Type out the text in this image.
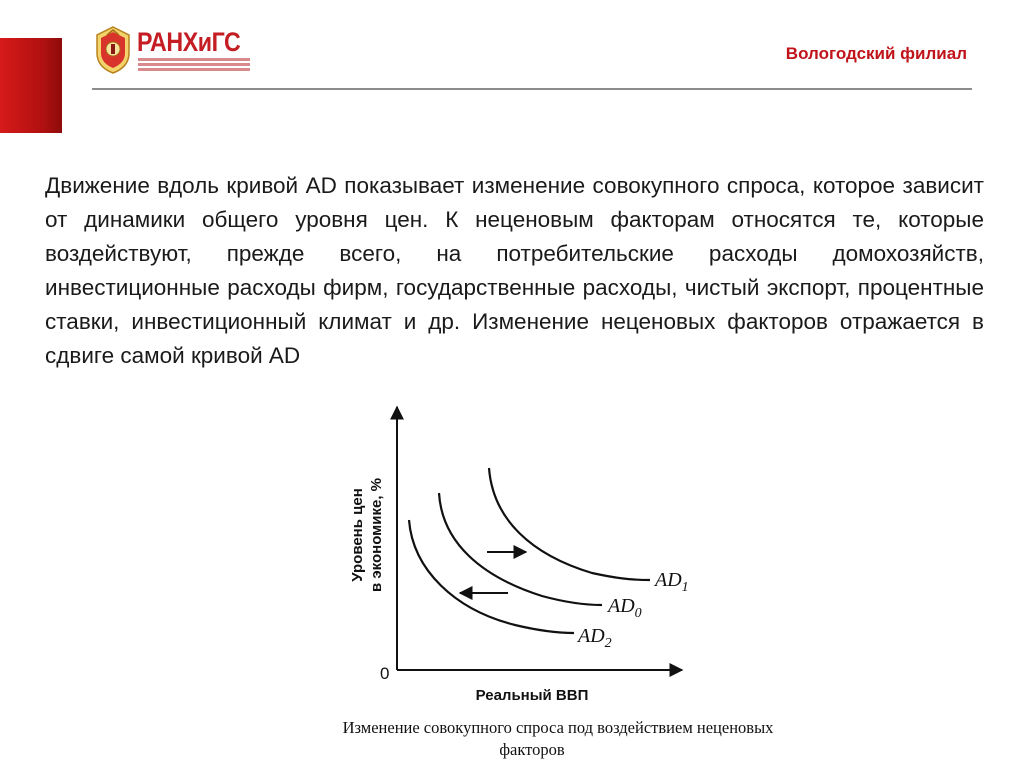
РАНХиГС	Вологодский филиал

Движение вдоль кривой AD показывает изменение совокупного спроса, которое зависит от динамики общего уровня цен. К неценовым факторам относятся те, которые воздействуют, прежде всего, на потребительские расходы домохозяйств, инвестиционные расходы фирм, государственные расходы, чистый экспорт, процентные ставки, инвестиционный климат и др. Изменение неценовых факторов отражается в сдвиге самой кривой AD

$AD_1$
$AD_0$
$AD_2$
0
Уровень цен в экономике, %
Реальный ВВП
Изменение совокупного спроса под воздействием неценовых
факторов
